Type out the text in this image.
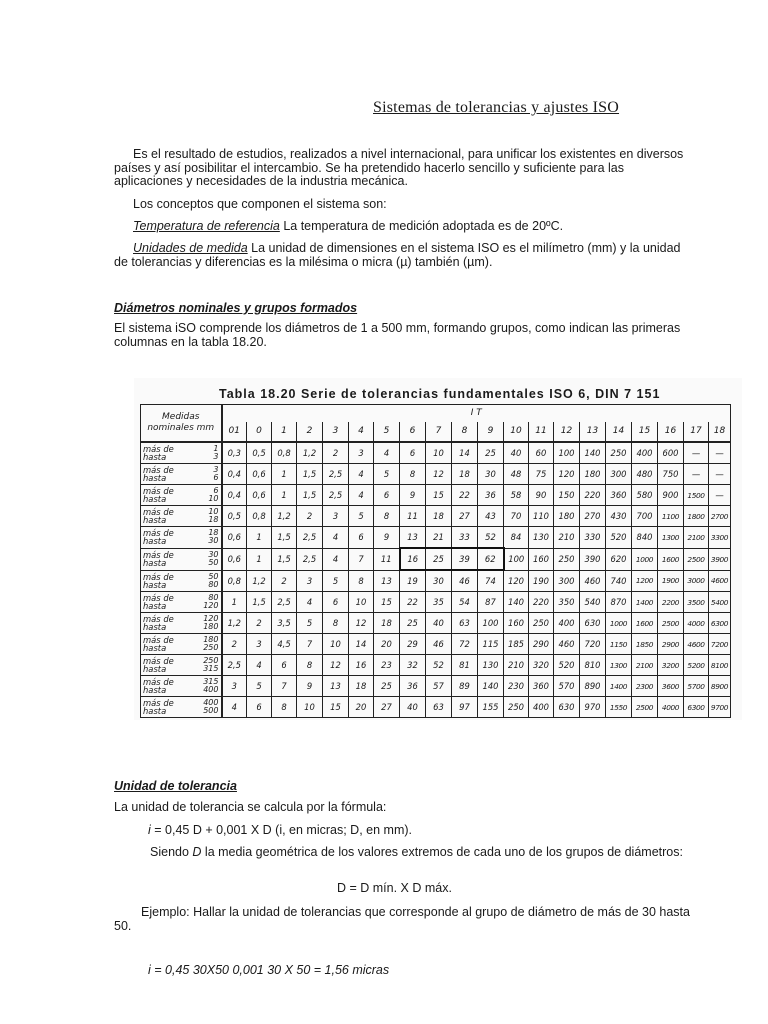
Sistemas de tolerancias y ajustes ISO

Es el resultado de estudios, realizados a nivel internacional, para unificar los existentes en diversos países y así posibilitar el intercambio. Se ha pretendido hacerlo sencillo y suficiente para las aplicaciones y necesidades de la industria mecánica.

Los conceptos que componen el sistema son:

Temperatura de referencia La temperatura de medición adoptada es de 20ºC.

Unidades de medida La unidad de dimensiones en el sistema ISO es el milímetro (mm) y la unidad de tolerancias y diferencias es la milésima o micra (µ) también (µm).

Diámetros nominales y grupos formados

El sistema iSO comprende los diámetros de 1 a 500 mm, formando grupos, como indican las primeras columnas en la tabla 18.20.

Tabla 18.20 Serie de tolerancias fundamentales ISO 6, DIN 7 151
Medidas nominales mm	I T																			
	01	0	1	2	3	4	5	6	7	8	9	10	11	12	13	14	15	16	17	18

más de 1
hasta 3	0,3	0,5	0,8	1,2	2	3	4	6	10	14	25	40	60	100	140	250	400	600	—	—

más de 3
hasta 6	0,4	0,6	1	1,5	2,5	4	5	8	12	18	30	48	75	120	180	300	480	750	—	—

más de 6
hasta 10	0,4	0,6	1	1,5	2,5	4	6	9	15	22	36	58	90	150	220	360	580	900	1500	—

más de 10
hasta 18	0,5	0,8	1,2	2	3	5	8	11	18	27	43	70	110	180	270	430	700	1100	1800	2700

más de 18
hasta 30	0,6	1	1,5	2,5	4	6	9	13	21	33	52	84	130	210	330	520	840	1300	2100	3300

más de 30
hasta 50	0,6	1	1,5	2,5	4	7	11	16	25	39	62	100	160	250	390	620	1000	1600	2500	3900

más de 50
hasta 80	0,8	1,2	2	3	5	8	13	19	30	46	74	120	190	300	460	740	1200	1900	3000	4600

más de 80
hasta 120	1	1,5	2,5	4	6	10	15	22	35	54	87	140	220	350	540	870	1400	2200	3500	5400

más de 120
hasta 180	1,2	2	3,5	5	8	12	18	25	40	63	100	160	250	400	630	1000	1600	2500	4000	6300

más de 180
hasta 250	2	3	4,5	7	10	14	20	29	46	72	115	185	290	460	720	1150	1850	2900	4600	7200

más de 250
hasta 315	2,5	4	6	8	12	16	23	32	52	81	130	210	320	520	810	1300	2100	3200	5200	8100

más de 315
hasta 400	3	5	7	9	13	18	25	36	57	89	140	230	360	570	890	1400	2300	3600	5700	8900

más de 400
hasta 500	4	6	8	10	15	20	27	40	63	97	155	250	400	630	970	1550	2500	4000	6300	9700
Unidad de tolerancia
La unidad de tolerancia se calcula por la fórmula:
i = 0,45 D + 0,001 X D (i, en micras; D, en mm).

Siendo D la media geométrica de los valores extremos de cada uno de los grupos de diámetros:

D = D mín. X D máx.

Ejemplo: Hallar la unidad de tolerancias que corresponde al grupo de diámetro de más de 30 hasta 50.

i = 0,45 30X50 0,001 30 X 50 = 1,56 micras
